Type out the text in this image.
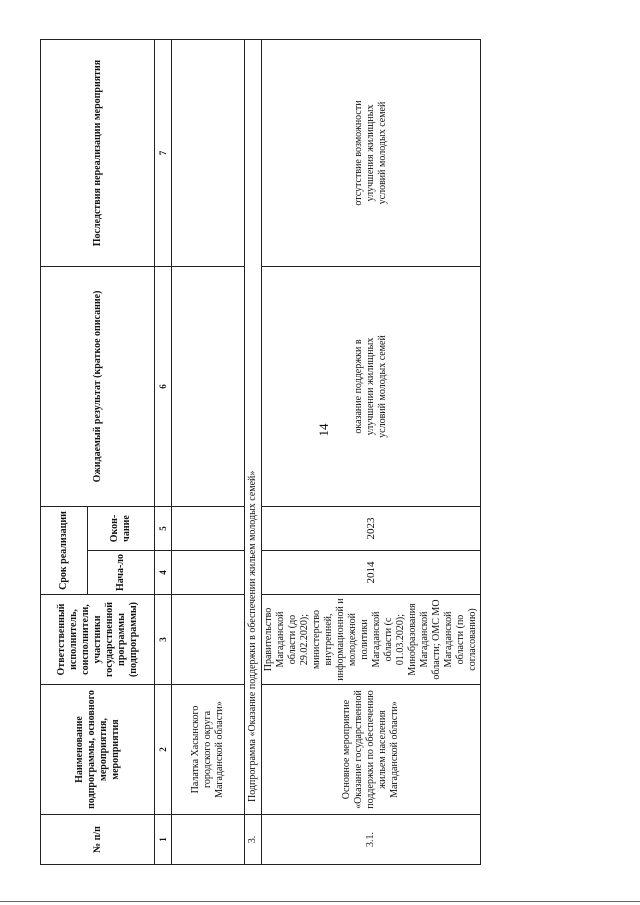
14
№ п/п	Наименование подпрограммы, основного мероприятия, мероприятия	Ответственный исполнитель, соисполнители, участники государственной программы (подпрограммы)	Срок реализации		Ожидаемый результат (краткое описание)	Последствия нереализации мероприятия
			Нача-ло	Окон-чание		
1	2	3	4	5	6	7
	Палатка Хасынского городского округа Магаданской области»					
3.	Подпрограмма «Оказание поддержки в обеспечении жильем молодых семей»					
3.1.	Основное мероприятие «Оказание государственной поддержки по обеспечению жильем населения Магаданской области»	Правительство Магаданской области (до 29.02.2020); министерство внутренней, информационной и молодежной политики Магаданской области (с 01.03.2020); Минобразования Магаданской области; ОМС МО Магаданской области (по согласованию)	2014	2023	оказание поддержки в улучшении жилищных условий молодых семей	отсутствие возможности улучшения жилищных условий молодых семей
